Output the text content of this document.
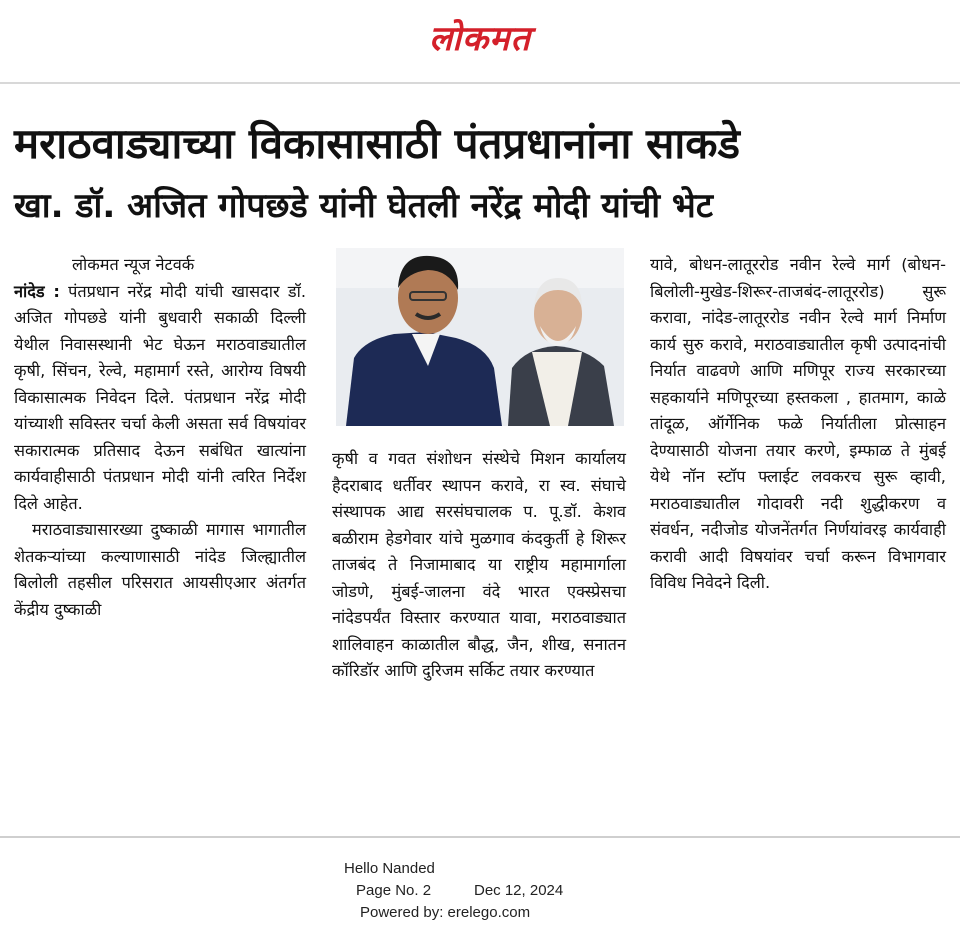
लोकमत
मराठवाड्याच्या विकासासाठी पंतप्रधानांना साकडे
खा. डॉ. अजित गोपछडे यांनी घेतली नरेंद्र मोदी यांची भेट

लोकमत न्यूज नेटवर्क

नांदेड : पंतप्रधान नरेंद्र मोदी यांची खासदार डॉ. अजित गोपछडे यांनी बुधवारी सकाळी दिल्ली येथील निवासस्थानी भेट घेऊन मराठवाड्यातील कृषी, सिंचन, रेल्वे, महामार्ग रस्ते, आरोग्य विषयी विकासात्मक निवेदन दिले. पंतप्रधान नरेंद्र मोदी यांच्याशी सविस्तर चर्चा केली असता सर्व विषयांवर सकारात्मक प्रतिसाद देऊन सबंधित खात्यांना कार्यवाहीसाठी पंतप्रधान मोदी यांनी त्वरित निर्देश दिले आहेत.

मराठवाड्यासारख्या दुष्काळी मागास भागातील शेतकऱ्यांच्या कल्याणासाठी नांदेड जिल्ह्यातील बिलोली तहसील परिसरात आयसीएआर अंतर्गत केंद्रीय दुष्काळी

कृषी व गवत संशोधन संस्थेचे मिशन कार्यालय हैदराबाद धर्तीवर स्थापन करावे, रा स्व. संघाचे संस्थापक आद्य सरसंघचालक प. पू.डॉ. केशव बळीराम हेडगेवार यांचे मुळगाव कंदकुर्ती हे शिरूर ताजबंद ते निजामाबाद या राष्ट्रीय महामार्गाला जोडणे, मुंबई-जालना वंदे भारत एक्स्प्रेसचा नांदेडपर्यंत विस्तार करण्यात यावा, मराठवाड्यात शालिवाहन काळातील बौद्ध, जैन, शीख, सनातन कॉरिडॉर आणि दुरिजम सर्किट तयार करण्यात

यावे, बोधन-लातूररोड नवीन रेल्वे मार्ग (बोधन- बिलोली-मुखेड-शिरूर-ताजबंद-लातूररोड) सुरू करावा, नांदेड-लातूररोड नवीन रेल्वे मार्ग निर्माण कार्य सुरु करावे, मराठवाड्यातील कृषी उत्पादनांची निर्यात वाढवणे आणि मणिपूर राज्य सरकारच्या सहकार्याने मणिपूरच्या हस्तकला , हातमाग, काळे तांदूळ, ऑर्गेनिक फळे निर्यातीला प्रोत्साहन देण्यासाठी योजना तयार करणे, इम्फाळ ते मुंबई येथे नॉन स्टॉप फ्लाईट लवकरच सुरू व्हावी, मराठवाड्यातील गोदावरी नदी शुद्धीकरण व संवर्धन, नदीजोड योजनेंतर्गत निर्णयांवरइ कार्यवाही करावी आदी विषयांवर चर्चा करून विभागवार विविध निवेदने दिली.

Hello Nanded
Page No. 2	Dec 12, 2024
Powered by: erelego.com
